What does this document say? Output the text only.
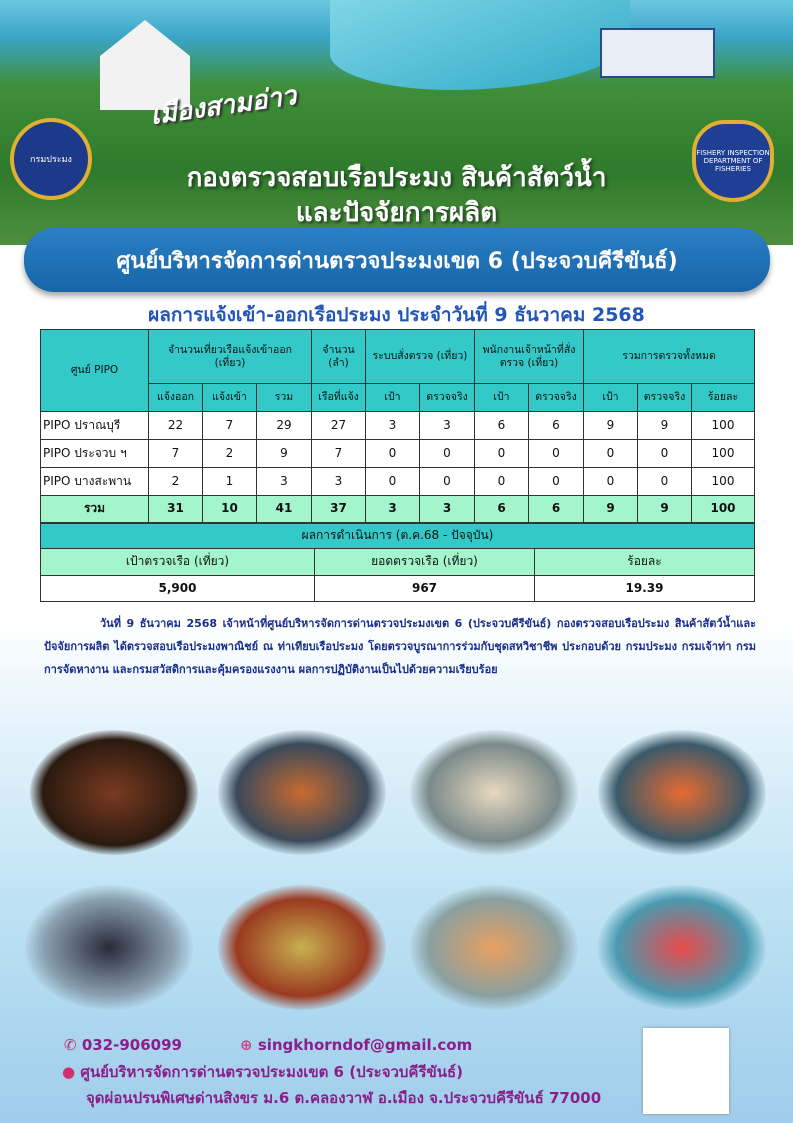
เมืองสามอ่าว
กรมประมง
FISHERY INSPECTION DEPARTMENT OF FISHERIES
กองตรวจสอบเรือประมง สินค้าสัตว์น้ำ
และปัจจัยการผลิต
ศูนย์บริหารจัดการด่านตรวจประมงเขต 6 (ประจวบคีรีขันธ์)
ผลการแจ้งเข้า-ออกเรือประมง ประจำวันที่ 9 ธันวาคม 2568
ศูนย์ PIPO	จำนวนเที่ยวเรือแจ้งเข้าออก (เที่ยว)			จำนวน (ลำ)	ระบบสั่งตรวจ (เที่ยว)		พนักงานเจ้าหน้าที่สั่งตรวจ (เที่ยว)		รวมการตรวจทั้งหมด		
	แจ้งออก	แจ้งเข้า	รวม	เรือที่แจ้ง	เป้า	ตรวจจริง	เป้า	ตรวจจริง	เป้า	ตรวจจริง	ร้อยละ
PIPO ปราณบุรี	22	7	29	27	3	3	6	6	9	9	100
PIPO ประจวบ ฯ	7	2	9	7	0	0	0	0	0	0	100
PIPO บางสะพาน	2	1	3	3	0	0	0	0	0	0	100
รวม	31	10	41	37	3	3	6	6	9	9	100
ผลการดำเนินการ (ต.ค.68 - ปัจจุบัน)		
เป้าตรวจเรือ (เที่ยว)	ยอดตรวจเรือ (เที่ยว)	ร้อยละ
5,900	967	19.39
วันที่ 9 ธันวาคม 2568 เจ้าหน้าที่ศูนย์บริหารจัดการด่านตรวจประมงเขต 6 (ประจวบคีรีขันธ์) กองตรวจสอบเรือประมง สินค้าสัตว์น้ำและปัจจัยการผลิต ได้ตรวจสอบเรือประมงพาณิชย์ ณ ท่าเทียบเรือประมง โดยตรวจบูรณาการร่วมกับชุดสหวิชาชีพ ประกอบด้วย กรมประมง กรมเจ้าท่า กรมการจัดหางาน และกรมสวัสดิการและคุ้มครองแรงงาน ผลการปฏิบัติงานเป็นไปด้วยความเรียบร้อย
✆ 032-906099	⊕ singkhorndof@gmail.com
● ศูนย์บริหารจัดการด่านตรวจประมงเขต 6 (ประจวบคีรีขันธ์)
จุดผ่อนปรนพิเศษด่านสิงขร ม.6 ต.คลองวาฬ อ.เมือง จ.ประจวบคีรีขันธ์ 77000
